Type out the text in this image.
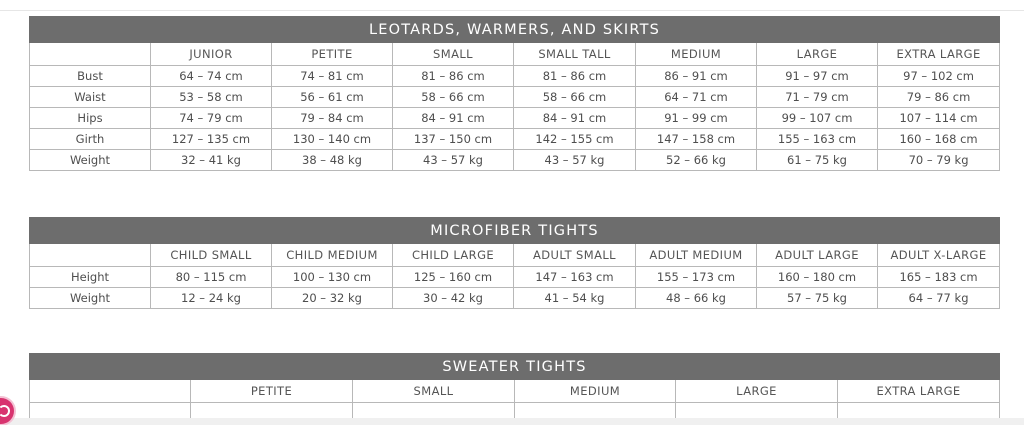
LEOTARDS, WARMERS, AND SKIRTS							
	JUNIOR	PETITE	SMALL	SMALL TALL	MEDIUM	LARGE	EXTRA LARGE
Bust	64 – 74 cm	74 – 81 cm	81 – 86 cm	81 – 86 cm	86 – 91 cm	91 – 97 cm	97 – 102 cm
Waist	53 – 58 cm	56 – 61 cm	58 – 66 cm	58 – 66 cm	64 – 71 cm	71 – 79 cm	79 – 86 cm
Hips	74 – 79 cm	79 – 84 cm	84 – 91 cm	84 – 91 cm	91 – 99 cm	99 – 107 cm	107 – 114 cm
Girth	127 – 135 cm	130 – 140 cm	137 – 150 cm	142 – 155 cm	147 – 158 cm	155 – 163 cm	160 – 168 cm
Weight	32 – 41 kg	38 – 48 kg	43 – 57 kg	43 – 57 kg	52 – 66 kg	61 – 75 kg	70 – 79 kg
MICROFIBER TIGHTS							
	CHILD SMALL	CHILD MEDIUM	CHILD LARGE	ADULT SMALL	ADULT MEDIUM	ADULT LARGE	ADULT X-LARGE
Height	80 – 115 cm	100 – 130 cm	125 – 160 cm	147 – 163 cm	155 – 173 cm	160 – 180 cm	165 – 183 cm
Weight	12 – 24 kg	20 – 32 kg	30 – 42 kg	41 – 54 kg	48 – 66 kg	57 – 75 kg	64 – 77 kg
SWEATER TIGHTS					
	PETITE	SMALL	MEDIUM	LARGE	EXTRA LARGE
